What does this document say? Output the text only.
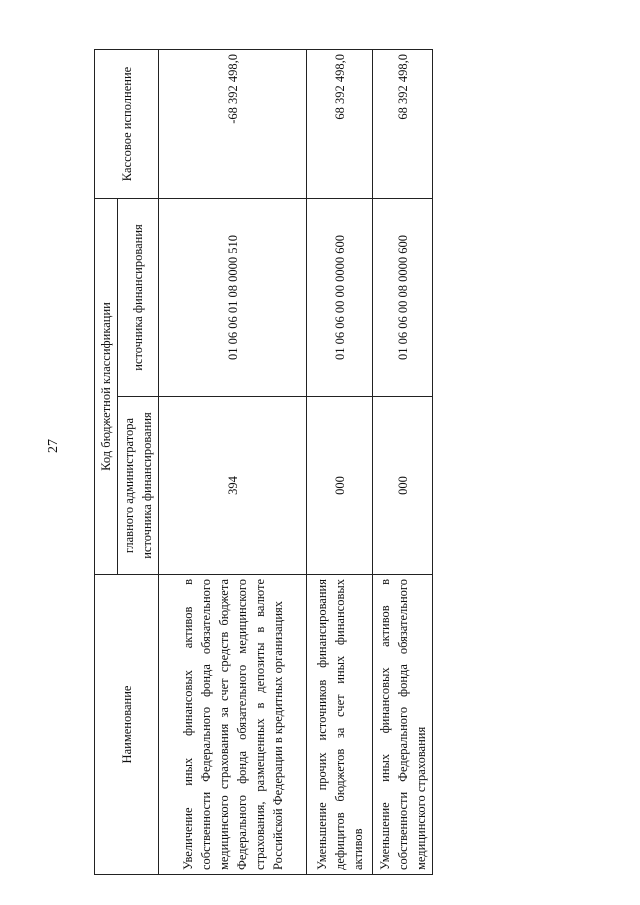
27
Наименование	Код бюджетной классификации		Кассовое исполнение
	главного администратора источника финансирования	источника финансирования	
Увеличение иных финансовых активов в собственности Федерального фонда обязательного медицинского страхования за счет средств бюджета Федерального фонда обязательного медицинского страхования, размещенных в депозиты в валюте Российской Федерации в кредитных организациях	394	01 06 06 01 08 0000 510	-68 392 498,0
Уменьшение прочих источников финансирования дефицитов бюджетов за счет иных финансовых активов	000	01 06 06 00 00 0000 600	68 392 498,0
Уменьшение иных финансовых активов в собственности Федерального фонда обязательного медицинского страхования	000	01 06 06 00 08 0000 600	68 392 498,0
